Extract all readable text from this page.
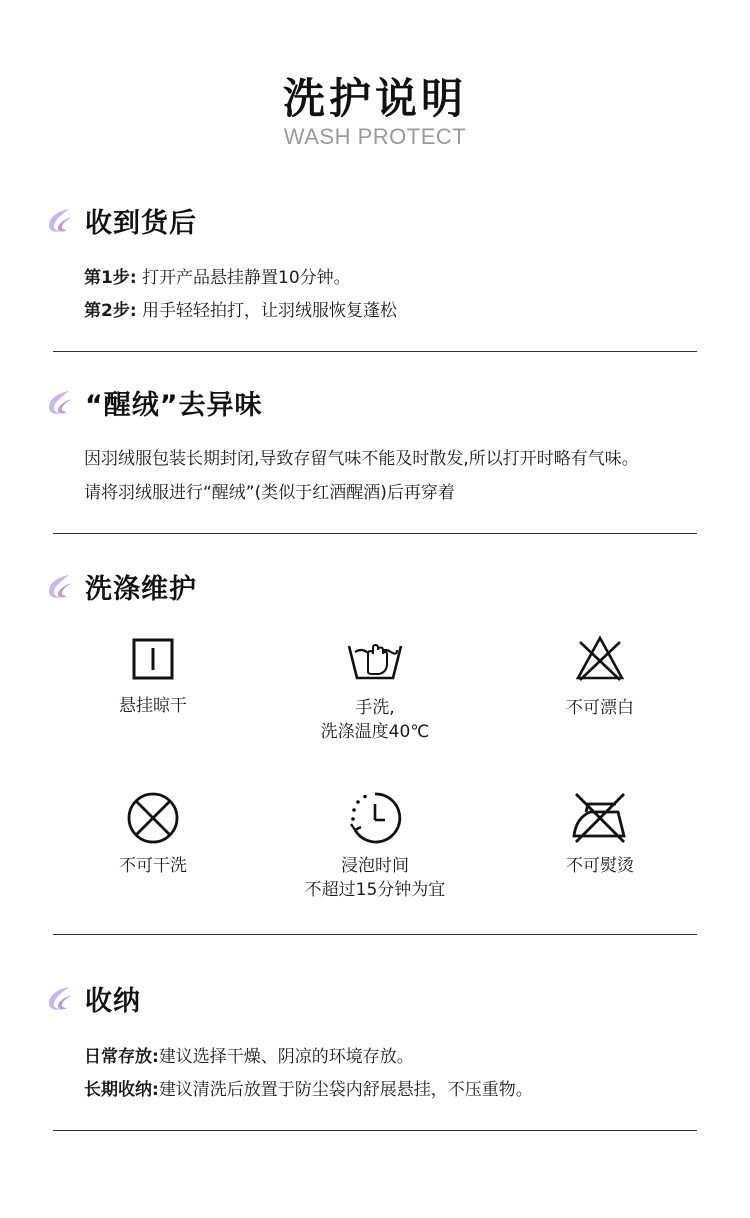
洗护说明
WASH PROTECT
收到货后
第1步: 打开产品悬挂静置10分钟。
第2步: 用手轻轻拍打，让羽绒服恢复蓬松
“醒绒”去异味
因羽绒服包装长期封闭,导致存留气味不能及时散发,所以打开时略有气味。
请将羽绒服进行“醒绒”(类似于红酒醒酒)后再穿着
洗涤维护
悬挂晾干	手洗,
洗涤温度40℃
不可漂白
不可干洗	浸泡时间
不超过15分钟为宜
不可熨烫
收纳
日常存放:建议选择干燥、阴凉的环境存放。
长期收纳:建议清洗后放置于防尘袋内舒展悬挂，不压重物。
